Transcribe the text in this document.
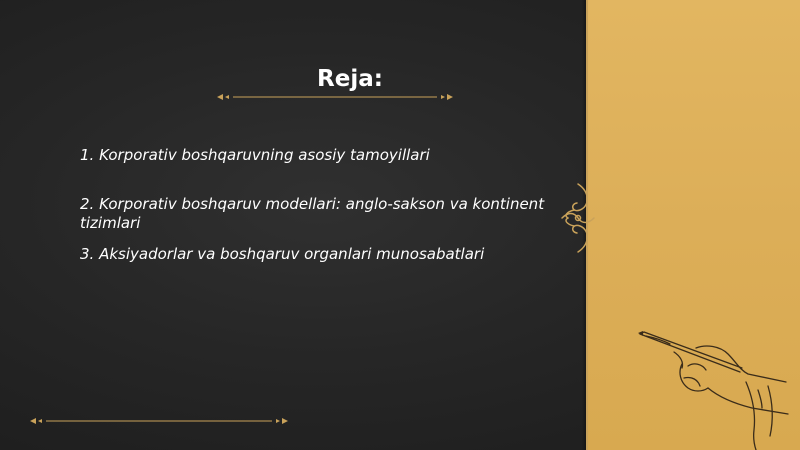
Reja:
1. Korporativ boshqaruvning asosiy tamoyillari
2. Korporativ boshqaruv modellari: anglo-sakson va kontinent tizimlari
3. Aksiyadorlar va boshqaruv organlari munosabatlari
